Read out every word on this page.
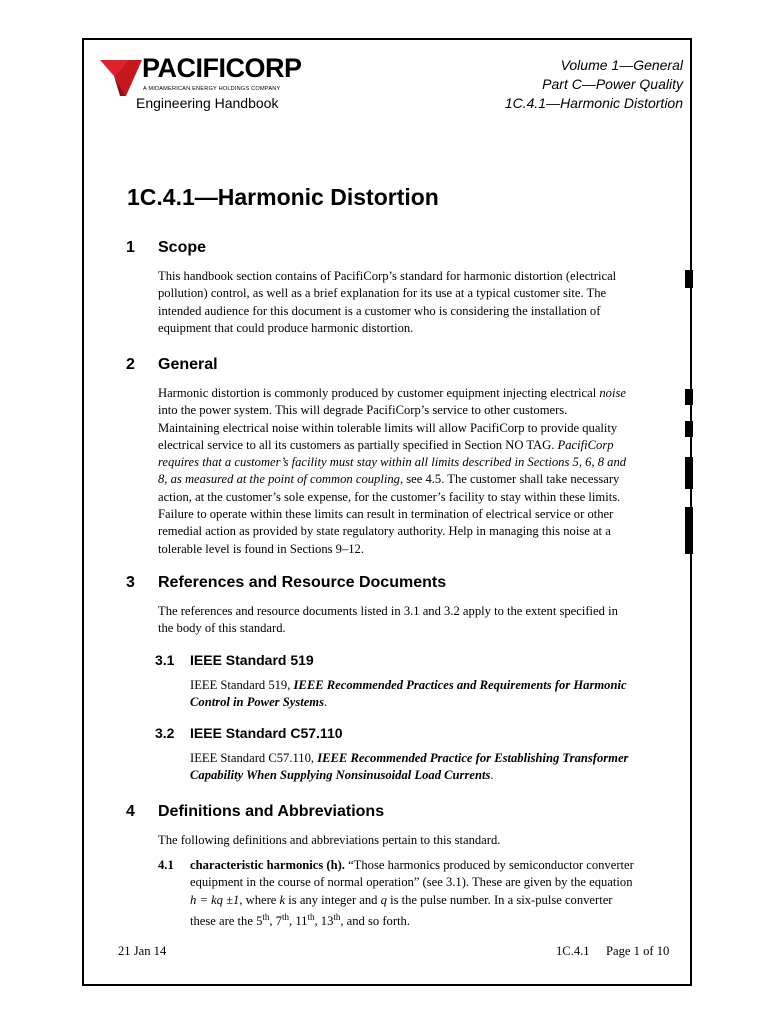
PACIFICORP
A MIDAMERICAN ENERGY HOLDINGS COMPANY
Engineering Handbook
Volume 1—General
Part C—Power Quality
1C.4.1—Harmonic Distortion
1C.4.1—Harmonic Distortion
1 Scope
This handbook section contains of PacifiCorp’s standard for harmonic distortion (electrical
pollution) control, as well as a brief explanation for its use at a typical customer site. The
intended audience for this document is a customer who is considering the installation of
equipment that could produce harmonic distortion.
2 General
Harmonic distortion is commonly produced by customer equipment injecting electrical noise
into the power system. This will degrade PacifiCorp’s service to other customers.
Maintaining electrical noise within tolerable limits will allow PacifiCorp to provide quality
electrical service to all its customers as partially specified in Section NO TAG. PacifiCorp
requires that a customer’s facility must stay within all limits described in Sections 5, 6, 8 and
8, as measured at the point of common coupling, see 4.5. The customer shall take necessary
action, at the customer’s sole expense, for the customer’s facility to stay within these limits.
Failure to operate within these limits can result in termination of electrical service or other
remedial action as provided by state regulatory authority. Help in managing this noise at a
tolerable level is found in Sections 9–12.
3 References and Resource Documents
The references and resource documents listed in 3.1 and 3.2 apply to the extent specified in
the body of this standard.
3.1 IEEE Standard 519
IEEE Standard 519, IEEE Recommended Practices and Requirements for Harmonic
Control in Power Systems.
3.2 IEEE Standard C57.110
IEEE Standard C57.110, IEEE Recommended Practice for Establishing Transformer
Capability When Supplying Nonsinusoidal Load Currents.
4 Definitions and Abbreviations
The following definitions and abbreviations pertain to this standard.
4.1 characteristic harmonics (h). “Those harmonics produced by semiconductor converter
equipment in the course of normal operation” (see 3.1). These are given by the equation
h = kq ±1, where k is any integer and q is the pulse number. In a six-pulse converter
these are the 5th, 7th, 11th, 13th, and so forth.
21 Jan 14	1C.4.1 Page 1 of 10
